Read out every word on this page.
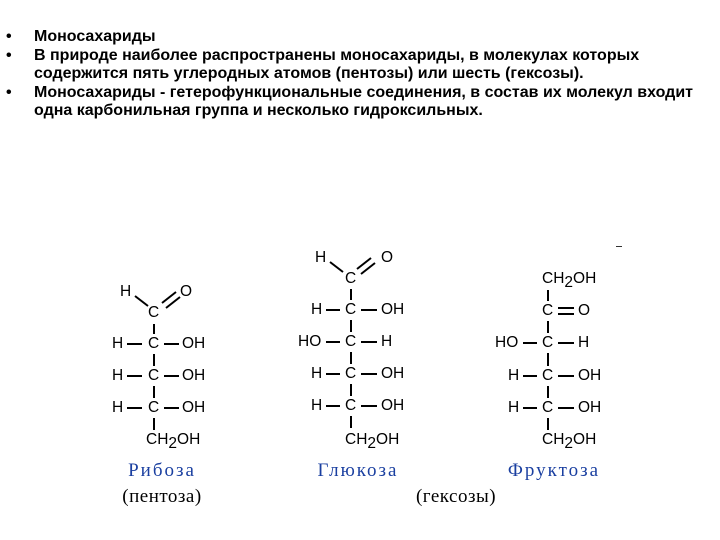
• Моносахариды
• В природе наиболее распространены моносахариды, в молекулах которых содержится пять углеродных атомов (пентозы) или шесть (гексозы).
• Моносахариды - гетерофункциональные соединения, в состав их молекул входит одна карбонильная группа и несколько гидроксильных.
H	O
C
H C OH
H C OH
H C OH
CH2OH
H	O
C
H C OH
HO C H
H C OH
H C OH
CH2OH
CH2OH
C O
HO C H
H C OH
H C OH
CH2OH
Рибоза
(пентоза)
Глюкоза	Фруктоза
(гексозы)
